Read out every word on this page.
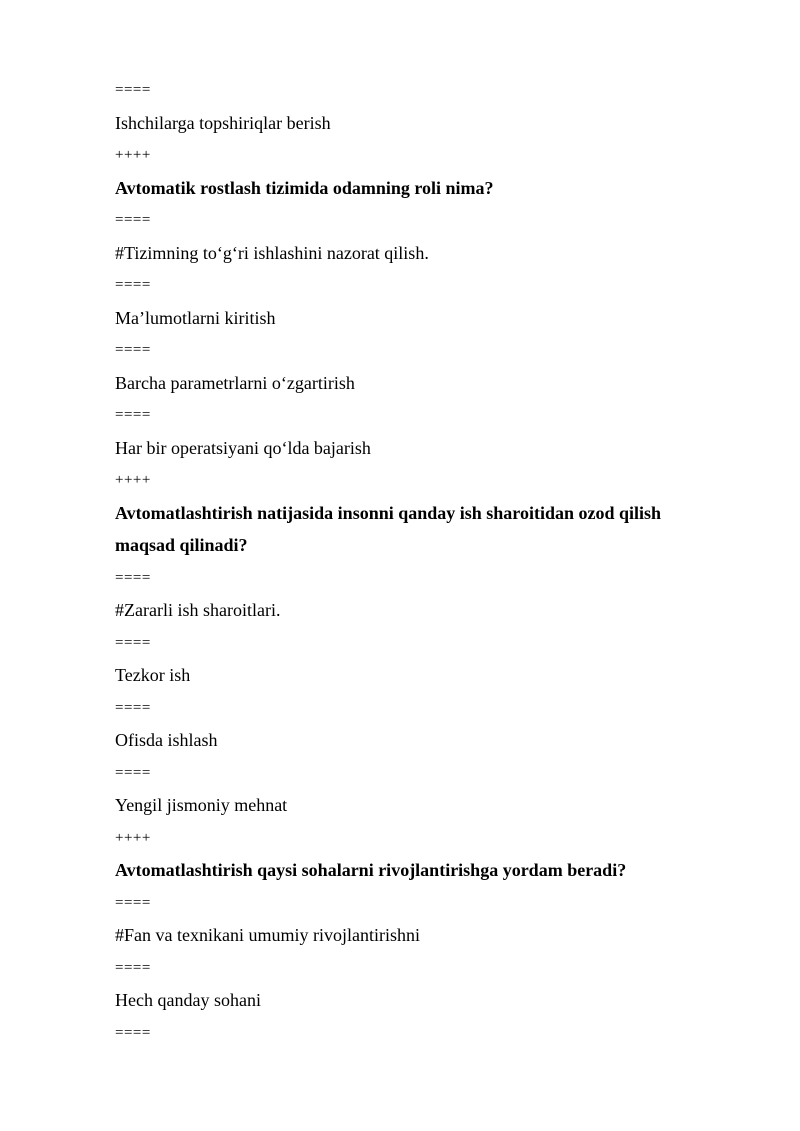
====
Ishchilarga topshiriqlar berish
++++
Avtomatik rostlash tizimida odamning roli nima?
====
#Tizimning to‘g‘ri ishlashini nazorat qilish.
====
Ma’lumotlarni kiritish
====
Barcha parametrlarni o‘zgartirish
====
Har bir operatsiyani qo‘lda bajarish
++++
Avtomatlashtirish natijasida insonni qanday ish sharoitidan ozod qilish maqsad qilinadi?
====
#Zararli ish sharoitlari.
====
Tezkor ish
====
Ofisda ishlash
====
Yengil jismoniy mehnat
++++
Avtomatlashtirish qaysi sohalarni rivojlantirishga yordam beradi?
====
#Fan va texnikani umumiy rivojlantirishni
====
Hech qanday sohani
====
